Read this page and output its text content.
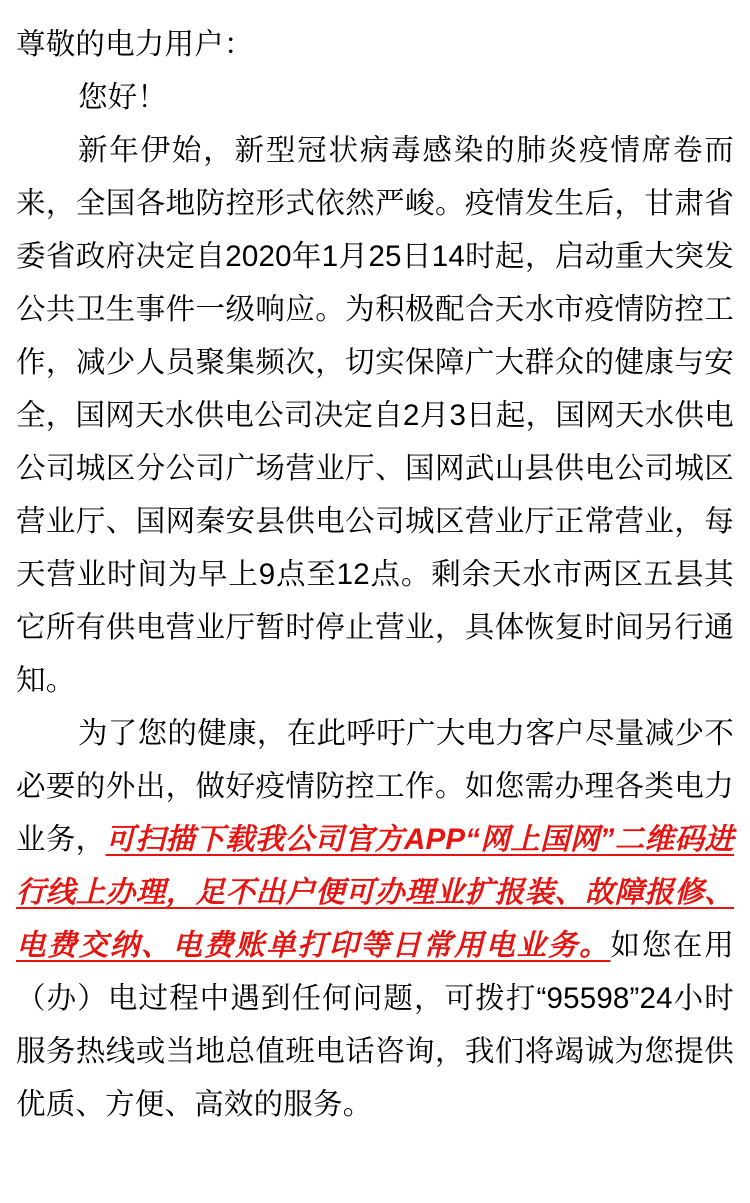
尊敬的电力用户：

您好！

新年伊始，新型冠状病毒感染的肺炎疫情席卷而来，全国各地防控形式依然严峻。疫情发生后，甘肃省委省政府决定自2020年1月25日14时起，启动重大突发公共卫生事件一级响应。为积极配合天水市疫情防控工作，减少人员聚集频次，切实保障广大群众的健康与安全，国网天水供电公司决定自2月3日起，国网天水供电公司城区分公司广场营业厅、国网武山县供电公司城区营业厅、国网秦安县供电公司城区营业厅正常营业，每天营业时间为早上9点至12点。剩余天水市两区五县其它所有供电营业厅暂时停止营业，具体恢复时间另行通知。

为了您的健康，在此呼吁广大电力客户尽量减少不必要的外出，做好疫情防控工作。如您需办理各类电力业务，可扫描下载我公司官方APP“网上国网”二维码进行线上办理，足不出户便可办理业扩报装、故障报修、电费交纳、电费账单打印等日常用电业务。如您在用（办）电过程中遇到任何问题，可拨打“95598”24小时服务热线或当地总值班电话咨询，我们将竭诚为您提供优质、方便、高效的服务。
